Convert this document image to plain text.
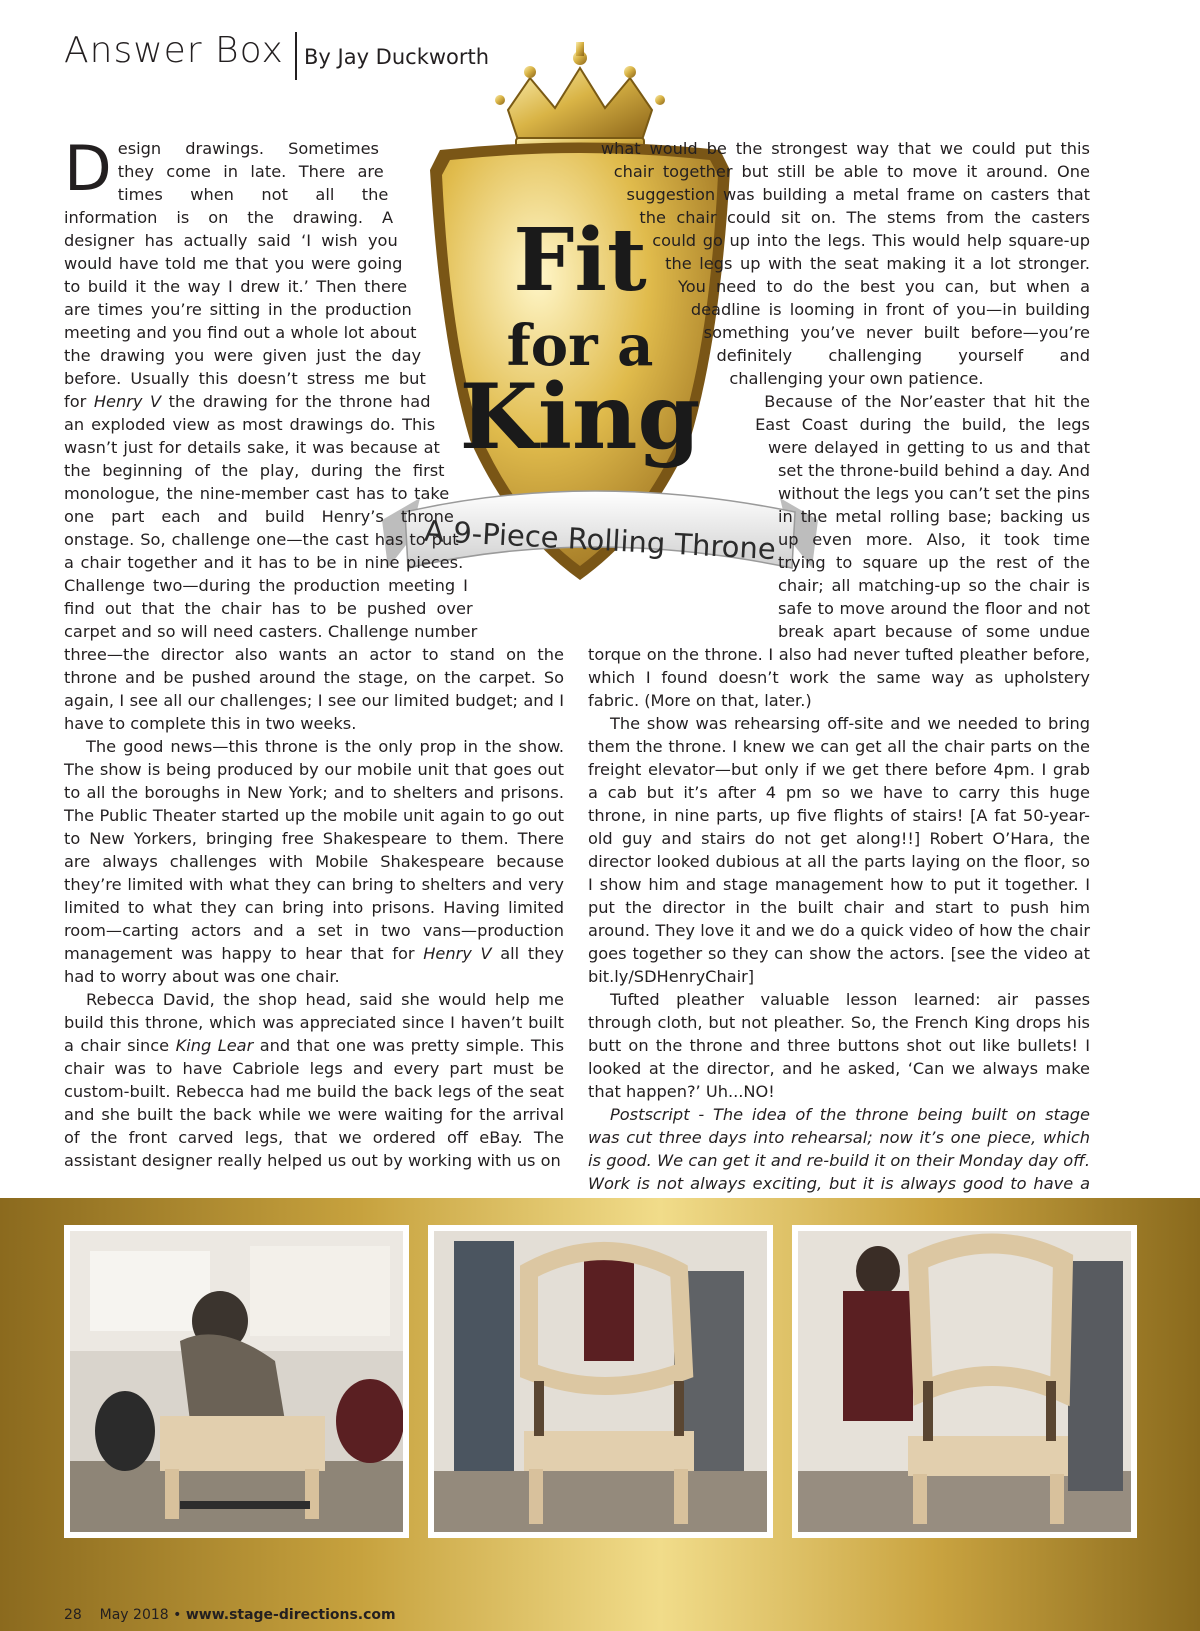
Answer Box By Jay Duckworth
Fit
for a
King
A 9-Piece Rolling Throne

Design drawings. Sometimes they come in late. There are times when not all the information is on the drawing. A designer has actually said ‘I wish you would have told me that you were going to build it the way I drew it.’ Then there are times you’re sitting in the production meeting and you find out a whole lot about the drawing you were given just the day before. Usually this doesn’t stress me but for Henry V the drawing for the throne had an exploded view as most drawings do. This wasn’t just for details sake, it was because at the beginning of the play, during the first monologue, the nine-member cast has to take one part each and build Henry’s throne onstage. So, challenge one—the cast has to put a chair together and it has to be in nine pieces. Challenge two—during the production meeting I find out that the chair has to be pushed over carpet and so will need casters. Challenge number three—the director also wants an actor to stand on the throne and be pushed around the stage, on the carpet. So again, I see all our challenges; I see our limited budget; and I have to complete this in two weeks.

The good news—this throne is the only prop in the show. The show is being produced by our mobile unit that goes out to all the boroughs in New York; and to shelters and prisons. The Public Theater started up the mobile unit again to go out to New Yorkers, bringing free Shakespeare to them. There are always challenges with Mobile Shakespeare because they’re limited with what they can bring to shelters and very limited to what they can bring into prisons. Having limited room—carting actors and a set in two vans—production management was happy to hear that for Henry V all they had to worry about was one chair.

Rebecca David, the shop head, said she would help me build this throne, which was appreciated since I haven’t built a chair since King Lear and that one was pretty simple. This chair was to have Cabriole legs and every part must be custom-built. Rebecca had me build the back legs of the seat and she built the back while we were waiting for the arrival of the front carved legs, that we ordered off eBay. The assistant designer really helped us out by working with us on

what would be the strongest way that we could put this chair together but still be able to move it around. One suggestion was building a metal frame on casters that the chair could sit on. The stems from the casters could go up into the legs. This would help square-up the legs up with the seat making it a lot stronger. You need to do the best you can, but when a deadline is looming in front of you—in building something you’ve never built before—you’re definitely challenging yourself and challenging your own patience.

Because of the Nor’easter that hit the East Coast during the build, the legs were delayed in getting to us and that set the throne-build behind a day. And without the legs you can’t set the pins in the metal rolling base; backing us up even more. Also, it took time trying to square up the rest of the chair; all matching-up so the chair is safe to move around the floor and not break apart because of some undue torque on the throne. I also had never tufted pleather before, which I found doesn’t work the same way as upholstery fabric. (More on that, later.)

The show was rehearsing off-site and we needed to bring them the throne. I knew we can get all the chair parts on the freight elevator—but only if we get there before 4pm. I grab a cab but it’s after 4 pm so we have to carry this huge throne, in nine parts, up five flights of stairs! [A fat 50-year-old guy and stairs do not get along!!] Robert O’Hara, the director looked dubious at all the parts laying on the floor, so I show him and stage management how to put it together. I put the director in the built chair and start to push him around. They love it and we do a quick video of how the chair goes together so they can show the actors. [see the video at bit.ly/SDHenryChair]

Tufted pleather valuable lesson learned: air passes through cloth, but not pleather. So, the French King drops his butt on the throne and three buttons shot out like bullets! I looked at the director, and he asked, ‘Can we always make that happen?’ Uh...NO!

Postscript - The idea of the throne being built on stage was cut three days into rehearsal; now it’s one piece, which is good. We can get it and re-build it on their Monday day off. Work is not always exciting, but it is always good to have a

28 May 2018 • www.stage-directions.com
